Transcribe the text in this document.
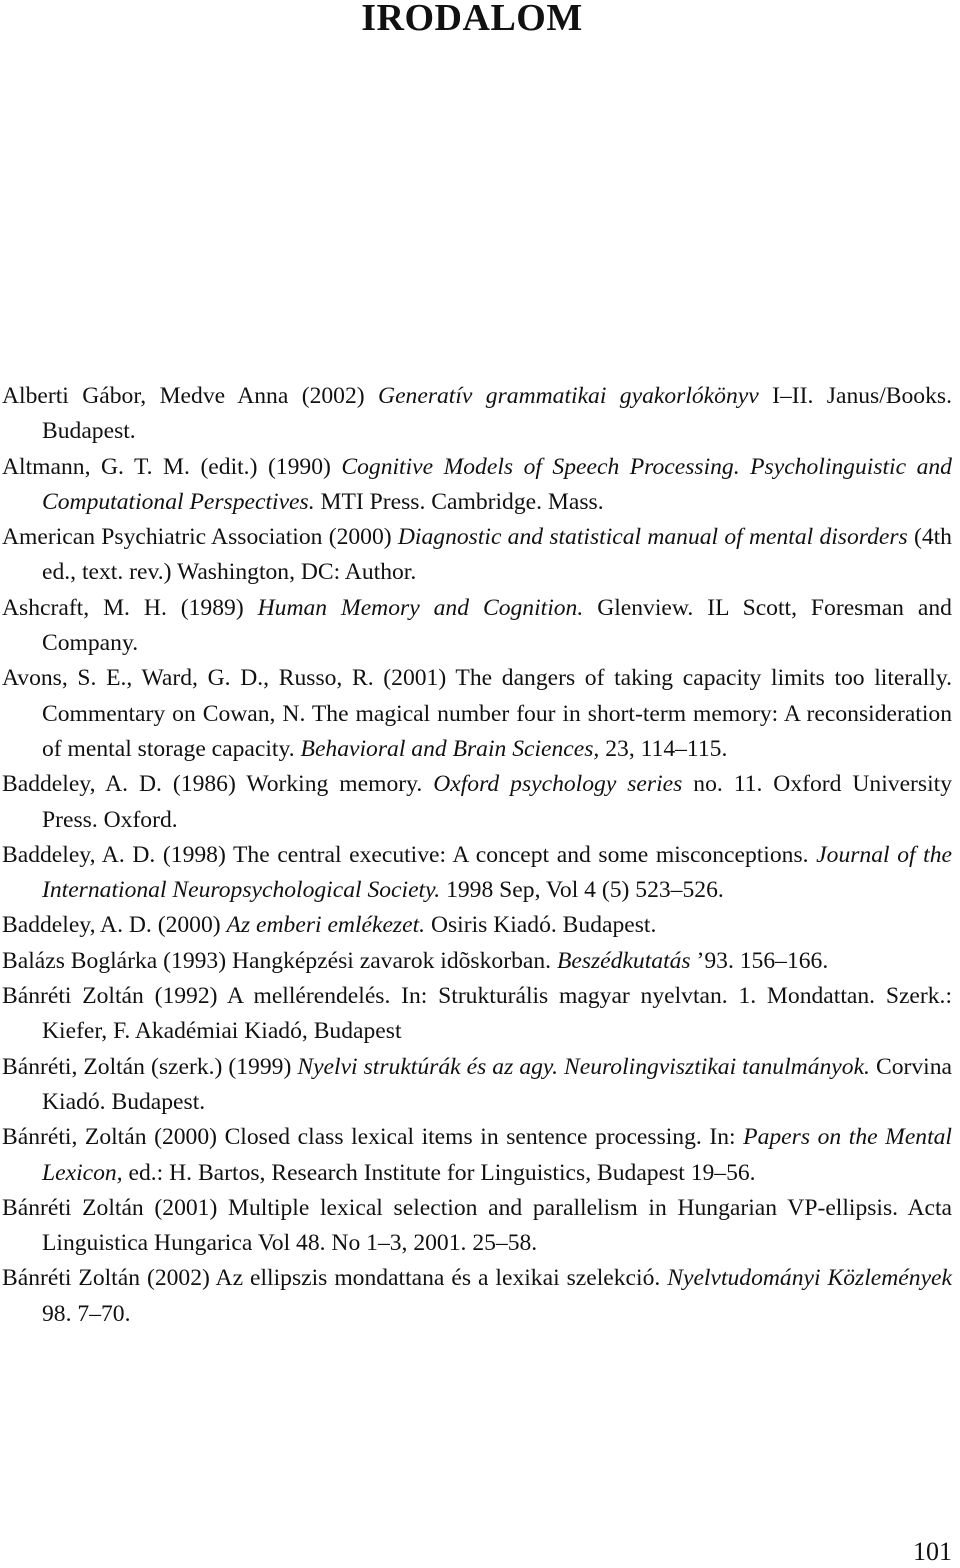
IRODALOM
Alberti Gábor, Medve Anna (2002) Generatív grammatikai gyakorlókönyv I–II. Janus/Books. Budapest.
Altmann, G. T. M. (edit.) (1990) Cognitive Models of Speech Processing. Psycholinguistic and Computational Perspectives. MTI Press. Cambridge. Mass.
American Psychiatric Association (2000) Diagnostic and statistical manual of mental disorders (4th ed., text. rev.) Washington, DC: Author.
Ashcraft, M. H. (1989) Human Memory and Cognition. Glenview. IL Scott, Foresman and Company.
Avons, S. E., Ward, G. D., Russo, R. (2001) The dangers of taking capacity limits too literally. Commentary on Cowan, N. The magical number four in short-term memory: A reconsideration of mental storage capacity. Behavioral and Brain Sciences, 23, 114–115.
Baddeley, A. D. (1986) Working memory. Oxford psychology series no. 11. Oxford University Press. Oxford.
Baddeley, A. D. (1998) The central executive: A concept and some misconceptions. Journal of the International Neuropsychological Society. 1998 Sep, Vol 4 (5) 523–526.
Baddeley, A. D. (2000) Az emberi emlékezet. Osiris Kiadó. Budapest.
Balázs Boglárka (1993) Hangképzési zavarok idõskorban. Beszédkutatás ’93. 156–166.
Bánréti Zoltán (1992) A mellérendelés. In: Strukturális magyar nyelvtan. 1. Mondattan. Szerk.: Kiefer, F. Akadémiai Kiadó, Budapest
Bánréti, Zoltán (szerk.) (1999) Nyelvi struktúrák és az agy. Neurolingvisztikai tanulmányok. Corvina Kiadó. Budapest.
Bánréti, Zoltán (2000) Closed class lexical items in sentence processing. In: Papers on the Mental Lexicon, ed.: H. Bartos, Research Institute for Linguistics, Budapest 19–56.
Bánréti Zoltán (2001) Multiple lexical selection and parallelism in Hungarian VP-ellipsis. Acta Linguistica Hungarica Vol 48. No 1–3, 2001. 25–58.
Bánréti Zoltán (2002) Az ellipszis mondattana és a lexikai szelekció. Nyelvtudományi Közlemények 98. 7–70.
101
